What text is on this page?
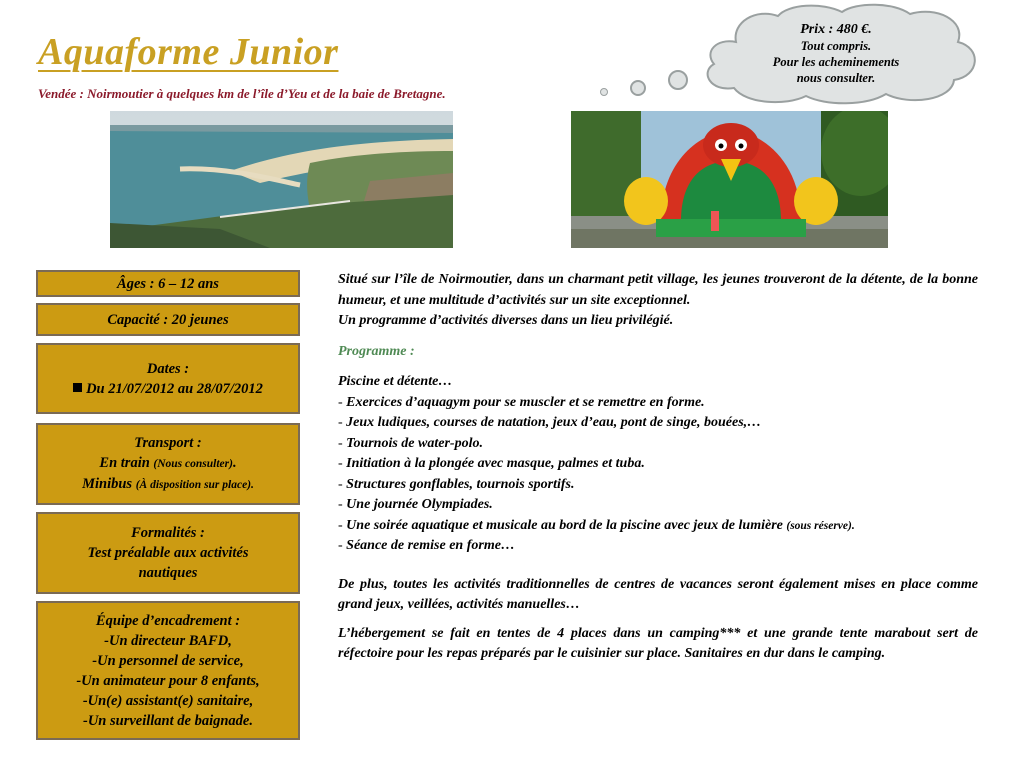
Aquaforme Junior
Vendée : Noirmoutier à quelques km de l’île d’Yeu et de la baie de Bretagne.
Prix : 480 €.
Tout compris.
Pour les acheminements
nous consulter.
Âges : 6 – 12 ans
Capacité : 20 jeunes
Dates :
Du 21/07/2012 au 28/07/2012
Transport :
En train (Nous consulter).
Minibus (À disposition sur place).
Formalités :
Test préalable aux activités
nautiques
Équipe d’encadrement :
-Un directeur BAFD,
-Un personnel de service,
-Un animateur pour 8 enfants,
-Un(e) assistant(e) sanitaire,
-Un surveillant de baignade.

Situé sur l’île de Noirmoutier, dans un charmant petit village, les jeunes trouveront de la détente, de la bonne humeur, et une multitude d’activités sur un site exceptionnel.

Un programme d’activités diverses dans un lieu privilégié.

Programme :

Piscine et détente…

- Exercices d’aquagym pour se muscler et se remettre en forme.

- Jeux ludiques, courses de natation, jeux d’eau, pont de singe, bouées,…

- Tournois de water-polo.

- Initiation à la plongée avec masque, palmes et tuba.

- Structures gonflables, tournois sportifs.

- Une journée Olympiades.

- Une soirée aquatique et musicale au bord de la piscine avec jeux de lumière (sous réserve).

- Séance de remise en forme…

De plus, toutes les activités traditionnelles de centres de vacances seront également mises en place comme grand jeux, veillées, activités manuelles…

L’hébergement se fait en tentes de 4 places dans un camping*** et une grande tente marabout sert de réfectoire pour les repas préparés par le cuisinier sur place. Sanitaires en dur dans le camping.
